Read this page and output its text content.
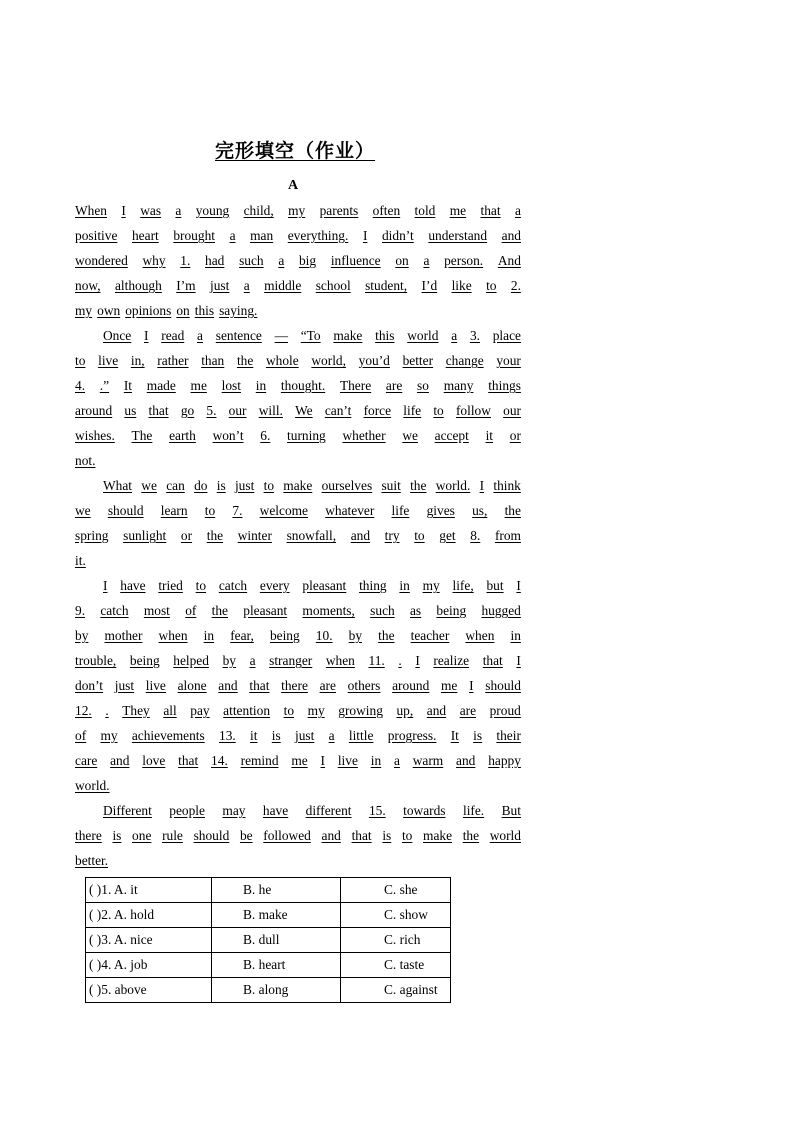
完形填空（作业）
A
When I was a young child, my parents often told me that a
positive heart brought a man everything. I didn’t understand and
wondered why 1. had such a big influence on a person. And
now, although I’m just a middle school student, I’d like to 2.
my own opinions on this saying.
Once I read a sentence — “To make this world a 3. place
to live in, rather than the whole world, you’d better change your
4. .” It made me lost in thought. There are so many things
around us that go 5. our will. We can’t force life to follow our
wishes. The earth won’t 6. turning whether we accept it or
not.
What we can do is just to make ourselves suit the world. I think
we should learn to 7. welcome whatever life gives us, the
spring sunlight or the winter snowfall, and try to get 8. from
it.
I have tried to catch every pleasant thing in my life, but I
9. catch most of the pleasant moments, such as being hugged
by mother when in fear, being 10. by the teacher when in
trouble, being helped by a stranger when 11. . I realize that I
don’t just live alone and that there are others around me I should
12. . They all pay attention to my growing up, and are proud
of my achievements 13. it is just a little progress. It is their
care and love that 14. remind me I live in a warm and happy
world.
Different people may have different 15. towards life. But
there is one rule should be followed and that is to make the world
better.
( )1. A. it	B. he	C. she
( )2. A. hold	B. make	C. show
( )3. A. nice	B. dull	C. rich
( )4. A. job	B. heart	C. taste
( )5. above	B. along	C. against
